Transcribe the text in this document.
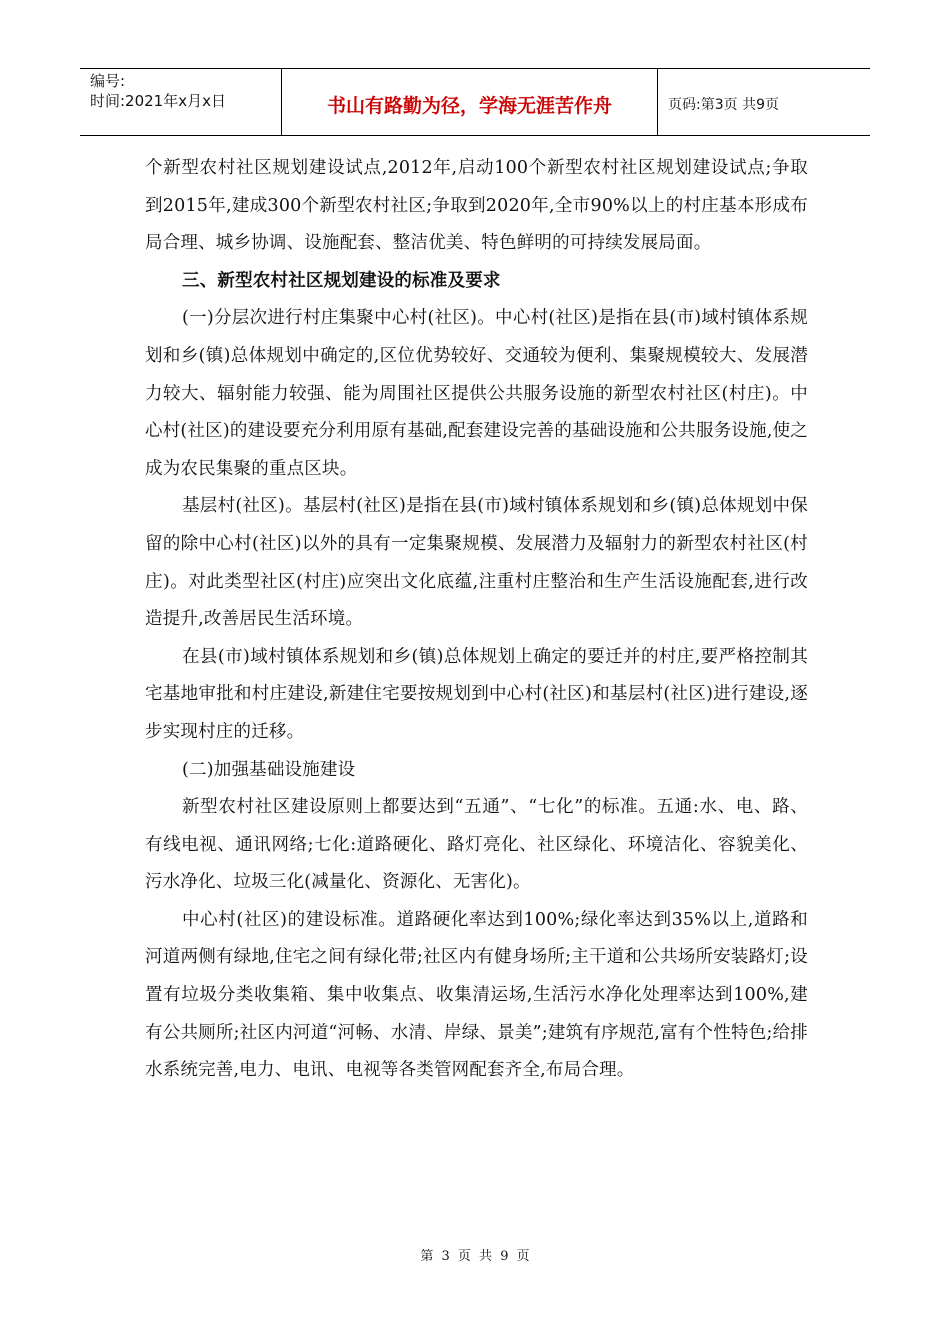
编号:
时间:2021年x月x日	书山有路勤为径，学海无涯苦作舟	页码:第3页 共9页

个新型农村社区规划建设试点,2012年,启动100个新型农村社区规划建设试点;争取到2015年,建成300个新型农村社区;争取到2020年,全市90%以上的村庄基本形成布局合理、城乡协调、设施配套、整洁优美、特色鲜明的可持续发展局面。

三、新型农村社区规划建设的标准及要求

(一)分层次进行村庄集聚中心村(社区)。中心村(社区)是指在县(市)域村镇体系规划和乡(镇)总体规划中确定的,区位优势较好、交通较为便利、集聚规模较大、发展潜力较大、辐射能力较强、能为周围社区提供公共服务设施的新型农村社区(村庄)。中心村(社区)的建设要充分利用原有基础,配套建设完善的基础设施和公共服务设施,使之成为农民集聚的重点区块。

基层村(社区)。基层村(社区)是指在县(市)域村镇体系规划和乡(镇)总体规划中保留的除中心村(社区)以外的具有一定集聚规模、发展潜力及辐射力的新型农村社区(村庄)。对此类型社区(村庄)应突出文化底蕴,注重村庄整治和生产生活设施配套,进行改造提升,改善居民生活环境。

在县(市)域村镇体系规划和乡(镇)总体规划上确定的要迁并的村庄,要严格控制其宅基地审批和村庄建设,新建住宅要按规划到中心村(社区)和基层村(社区)进行建设,逐步实现村庄的迁移。

(二)加强基础设施建设

新型农村社区建设原则上都要达到“五通”、“七化”的标准。五通:水、电、路、有线电视、通讯网络;七化:道路硬化、路灯亮化、社区绿化、环境洁化、容貌美化、污水净化、垃圾三化(减量化、资源化、无害化)。

中心村(社区)的建设标准。道路硬化率达到100%;绿化率达到35%以上,道路和河道两侧有绿地,住宅之间有绿化带;社区内有健身场所;主干道和公共场所安装路灯;设置有垃圾分类收集箱、集中收集点、收集清运场,生活污水净化处理率达到100%,建有公共厕所;社区内河道“河畅、水清、岸绿、景美”;建筑有序规范,富有个性特色;给排水系统完善,电力、电讯、电视等各类管网配套齐全,布局合理。

第 3 页 共 9 页
